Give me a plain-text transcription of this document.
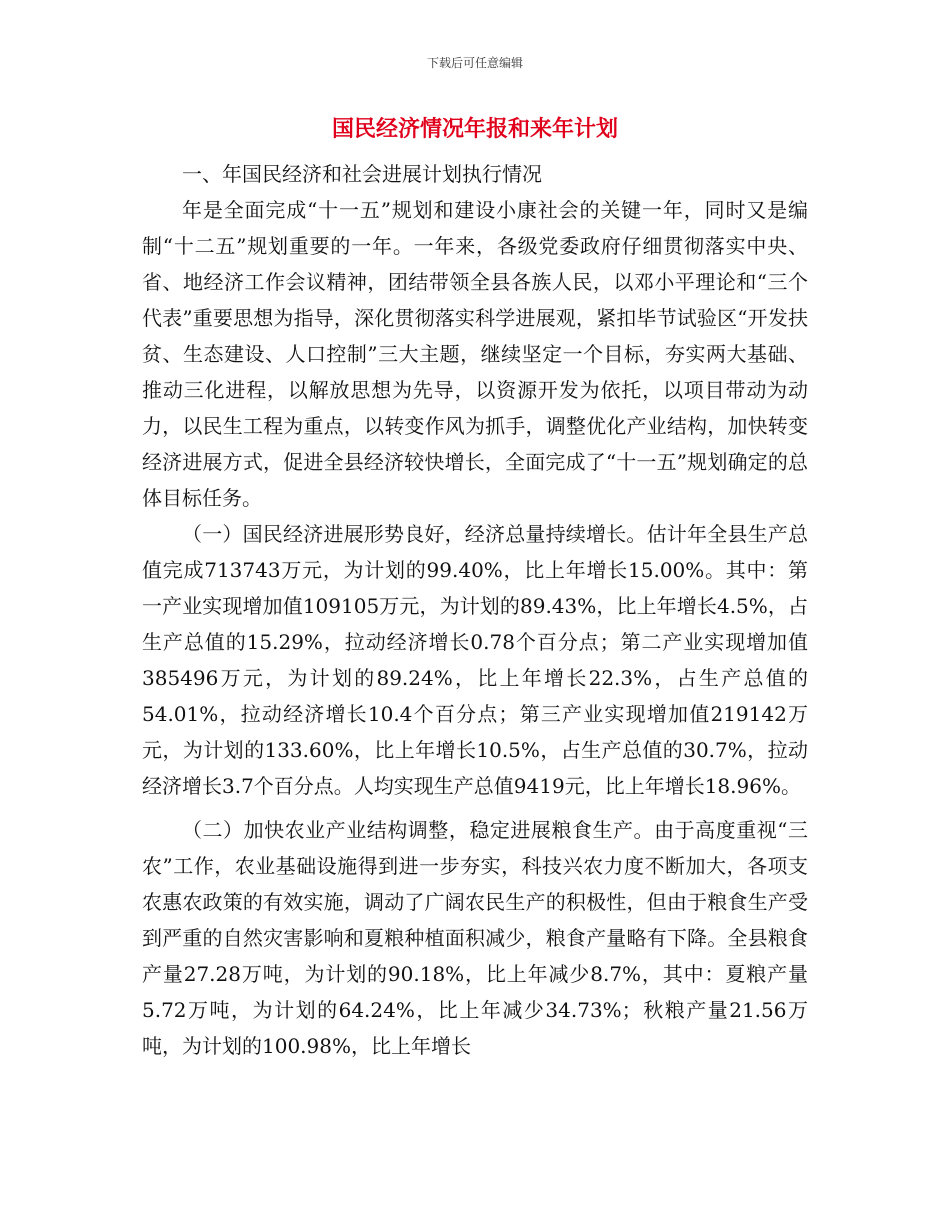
下载后可任意编辑
国民经济情况年报和来年计划
一、年国民经济和社会进展计划执行情况

年是全面完成“十一五”规划和建设小康社会的关键一年，同时又是编制“十二五”规划重要的一年。一年来，各级党委政府仔细贯彻落实中央、省、地经济工作会议精神，团结带领全县各族人民，以邓小平理论和“三个代表”重要思想为指导，深化贯彻落实科学进展观，紧扣毕节试验区“开发扶贫、生态建设、人口控制”三大主题，继续坚定一个目标，夯实两大基础、推动三化进程，以解放思想为先导，以资源开发为依托，以项目带动为动力，以民生工程为重点，以转变作风为抓手，调整优化产业结构，加快转变经济进展方式，促进全县经济较快增长，全面完成了“十一五”规划确定的总体目标任务。

（一）国民经济进展形势良好，经济总量持续增长。估计年全县生产总值完成713743万元，为计划的99.40%，比上年增长15.00%。其中：第一产业实现增加值109105万元，为计划的89.43%，比上年增长4.5%，占生产总值的15.29%，拉动经济增长0.78个百分点；第二产业实现增加值385496万元，为计划的89.24%，比上年增长22.3%，占生产总值的54.01%，拉动经济增长10.4个百分点；第三产业实现增加值219142万元，为计划的133.60%，比上年增长10.5%，占生产总值的30.7%，拉动经济增长3.7个百分点。人均实现生产总值9419元，比上年增长18.96%。

（二）加快农业产业结构调整，稳定进展粮食生产。由于高度重视“三农”工作，农业基础设施得到进一步夯实，科技兴农力度不断加大，各项支农惠农政策的有效实施，调动了广阔农民生产的积极性，但由于粮食生产受到严重的自然灾害影响和夏粮种植面积减少，粮食产量略有下降。全县粮食产量27.28万吨，为计划的90.18%，比上年减少8.7%，其中：夏粮产量5.72万吨，为计划的64.24%，比上年减少34.73%；秋粮产量21.56万吨，为计划的100.98%，比上年增长
